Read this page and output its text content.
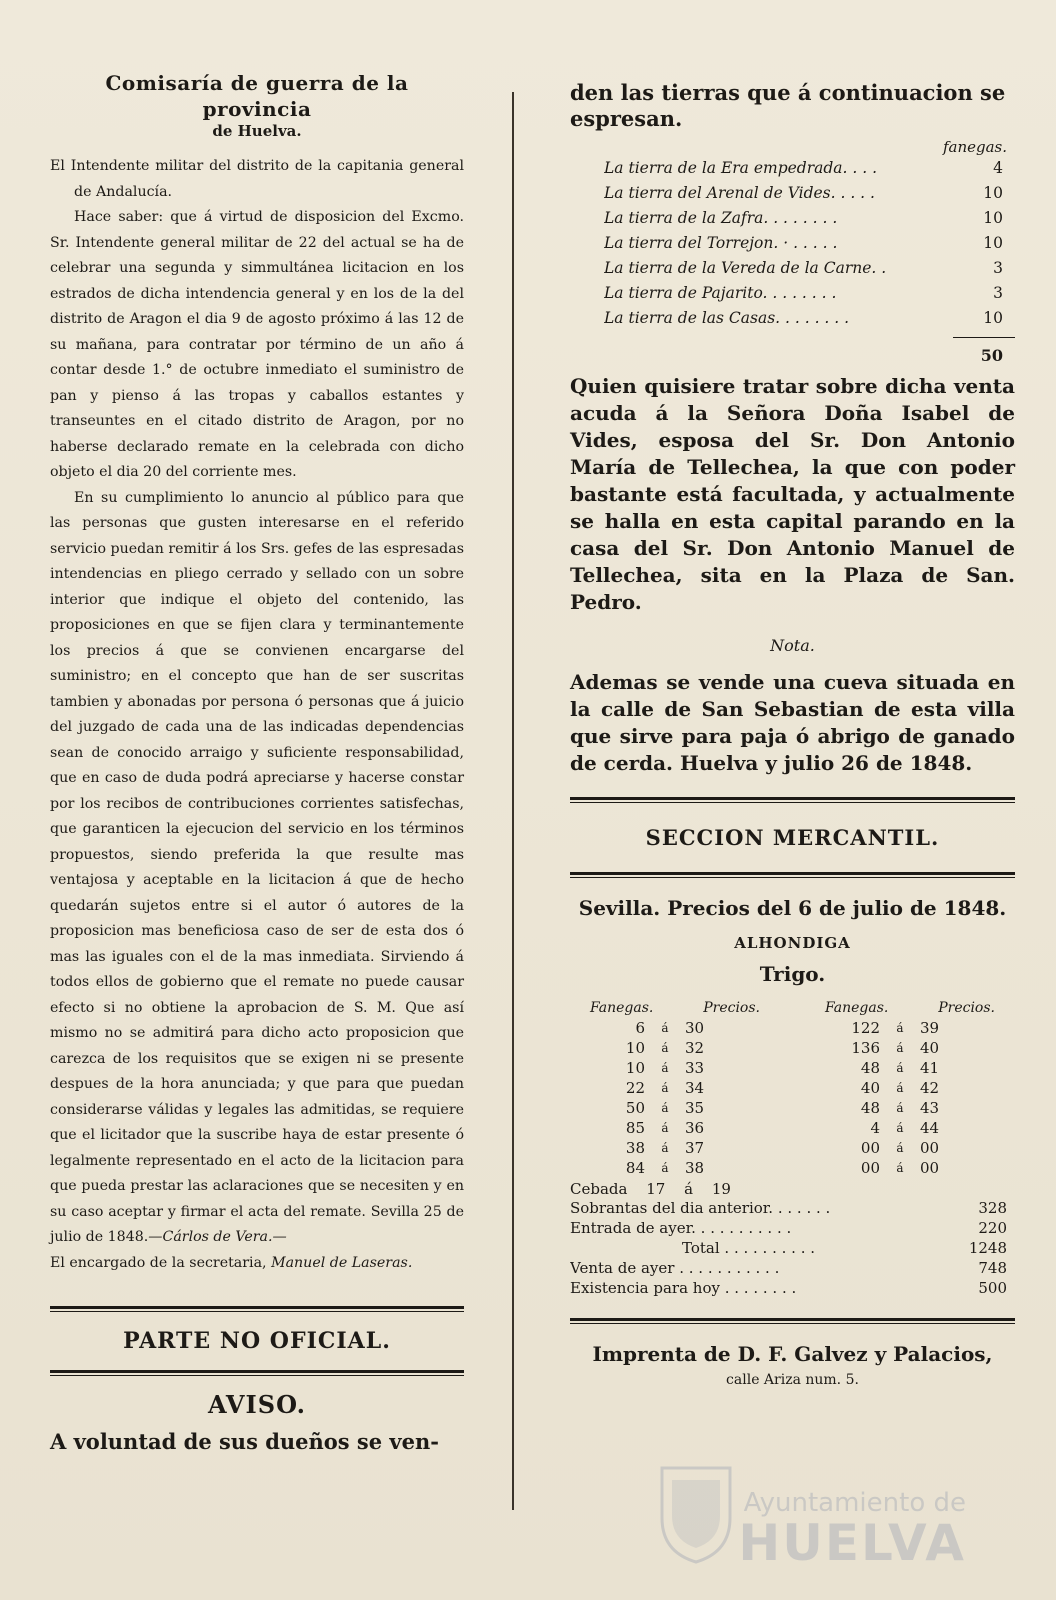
Comisaría de guerra de la provincia
de Huelva.

El Intendente militar del distrito de la capitania general de Andalucía.

Hace saber: que á virtud de disposicion del Excmo. Sr. Intendente general militar de 22 del actual se ha de celebrar una segunda y simmultánea licitacion en los estrados de dicha intendencia general y en los de la del distrito de Aragon el dia 9 de agosto próximo á las 12 de su mañana, para contratar por término de un año á contar desde 1.° de octubre inmediato el suministro de pan y pienso á las tropas y caballos estantes y transeuntes en el citado distrito de Aragon, por no haberse declarado remate en la celebrada con dicho objeto el dia 20 del corriente mes.

En su cumplimiento lo anuncio al público para que las personas que gusten interesarse en el referido servicio puedan remitir á los Srs. gefes de las espresadas intendencias en pliego cerrado y sellado con un sobre interior que indique el objeto del contenido, las proposiciones en que se fijen clara y terminantemente los precios á que se convienen encargarse del suministro; en el concepto que han de ser suscritas tambien y abonadas por persona ó personas que á juicio del juzgado de cada una de las indicadas dependencias sean de conocido arraigo y suficiente responsabilidad, que en caso de duda podrá apreciarse y hacerse constar por los recibos de contribuciones corrientes satisfechas, que garanticen la ejecucion del servicio en los términos propuestos, siendo preferida la que resulte mas ventajosa y aceptable en la licitacion á que de hecho quedarán sujetos entre si el autor ó autores de la proposicion mas beneficiosa caso de ser de esta dos ó mas las iguales con el de la mas inmediata. Sirviendo á todos ellos de gobierno que el remate no puede causar efecto si no obtiene la aprobacion de S. M. Que así mismo no se admitirá para dicho acto proposicion que carezca de los requisitos que se exigen ni se presente despues de la hora anunciada; y que para que puedan considerarse válidas y legales las admitidas, se requiere que el licitador que la suscribe haya de estar presente ó legalmente representado en el acto de la licitacion para que pueda prestar las aclaraciones que se necesiten y en su caso aceptar y firmar el acta del remate. Sevilla 25 de julio de 1848.—Cárlos de Vera.—

El encargado de la secretaria, Manuel de Laseras.

PARTE NO OFICIAL.
AVISO.

A voluntad de sus dueños se ven-

den las tierras que á continuacion se espresan.

fanegas.
La tierra de la Era empedrada. . . .	4
La tierra del Arenal de Vides. . . . .	10
La tierra de la Zafra. . . . . . . .	10
La tierra del Torrejon. · . . . . .	10
La tierra de la Vereda de la Carne. .	3
La tierra de Pajarito. . . . . . . .	3
La tierra de las Casas. . . . . . . .	10
50

Quien quisiere tratar sobre dicha venta acuda á la Señora Doña Isabel de Vides, esposa del Sr. Don Antonio María de Tellechea, la que con poder bastante está facultada, y actualmente se halla en esta capital parando en la casa del Sr. Don Antonio Manuel de Tellechea, sita en la Plaza de San. Pedro.

Nota.

Ademas se vende una cueva situada en la calle de San Sebastian de esta villa que sirve para paja ó abrigo de ganado de cerda. Huelva y julio 26 de 1848.

SECCION MERCANTIL.
Sevilla. Precios del 6 de julio de 1848.
ALHONDIGA
Trigo.
Fanegas.	Precios.
6	á	30
10	á	32
10	á	33
22	á	34
50	á	35
85	á	36
38	á	37
84	á	38
Fanegas.	Precios.
122	á	39
136	á	40
48	á	41
40	á	42
48	á	43
4	á	44
00	á	00
00	á	00
Cebada 17 á 19
Sobrantas del dia anterior. . . . . . .	328
Entrada de ayer. . . . . . . . . . .	220
Total . . . . . . . . . .	1248
Venta de ayer . . . . . . . . . . .	748
Existencia para hoy . . . . . . . .	500
Imprenta de D. F. Galvez y Palacios,
calle Ariza num. 5.
Ayuntamiento de
HUELVA
